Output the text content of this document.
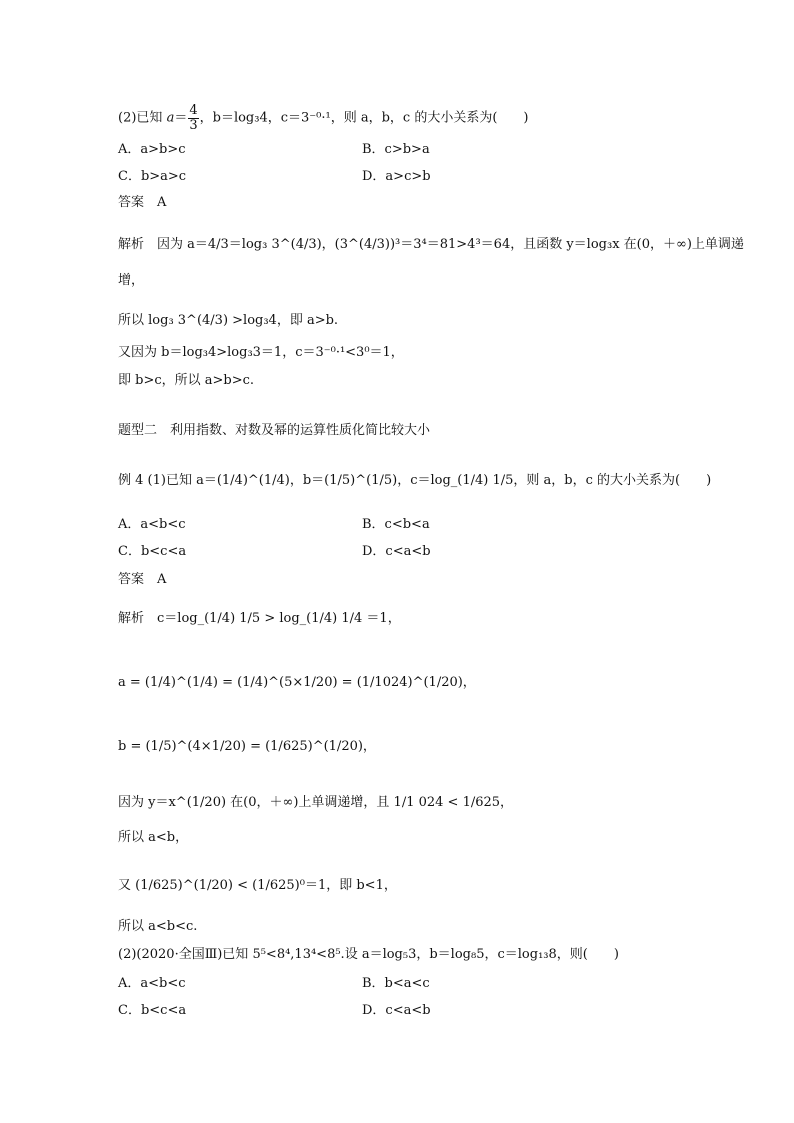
(2)已知 $a= \frac{4}{3}$ ，b＝log₃4，c＝3⁻⁰·¹，则 a，b，c 的大小关系为(　　)
A．a>b>c	B．c>b>a
C．b>a>c	D．a>c>b
答案　A
解析　因为 a＝4/3＝log₃ 3^(4/3)，(3^(4/3))³＝3⁴＝81>4³＝64，且函数 y＝log₃x 在(0，＋∞)上单调递
增，
所以 log₃ 3^(4/3) >log₃4，即 a>b.
又因为 b＝log₃4>log₃3＝1，c＝3⁻⁰·¹<3⁰＝1，
即 b>c，所以 a>b>c.
题型二　利用指数、对数及幂的运算性质化简比较大小
例 4 (1)已知 a＝(1/4)^(1/4)，b＝(1/5)^(1/5)，c＝log_(1/4) 1/5，则 a，b，c 的大小关系为(　　)
A．a<b<c	B．c<b<a
C．b<c<a	D．c<a<b
答案　A
解析　c＝log_(1/4) 1/5 > log_(1/4) 1/4 ＝1，
a = (1/4)^(1/4) = (1/4)^(5×1/20) = (1/1024)^(1/20)，
b = (1/5)^(4×1/20) = (1/625)^(1/20)，
因为 y＝x^(1/20) 在(0，＋∞)上单调递增，且 1/1 024 < 1/625，
所以 a<b，
又 (1/625)^(1/20) < (1/625)⁰＝1，即 b<1，
所以 a<b<c.
(2)(2020·全国Ⅲ)已知 5⁵<8⁴,13⁴<8⁵.设 a＝log₅3，b＝log₈5，c＝log₁₃8，则(　　)
A．a<b<c	B．b<a<c
C．b<c<a	D．c<a<b
